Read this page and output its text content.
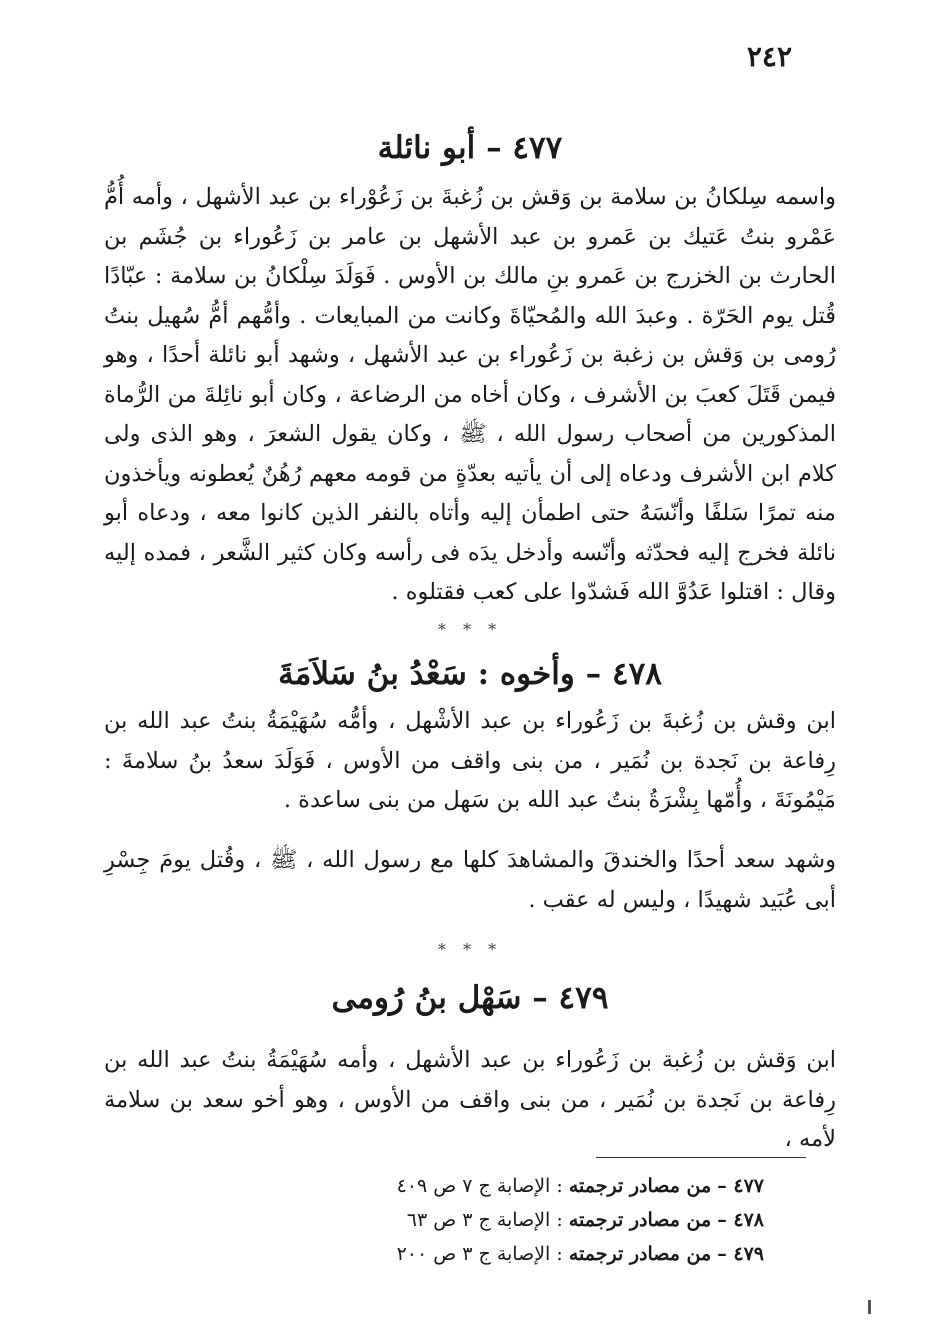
٢٤٢
٤٧٧ – أبو نائلة

واسمه سِلكانُ بن سلامة بن وَقش بن زُغبةَ بن زَعُوْراء بن عبد الأشهل ، وأمه أُمُّ عَمْرو بنتُ عَتيك بن عَمرو بن عبد الأشهل بن عامر بن زَعُوراء بن جُشَم بن الحارث بن الخزرج بن عَمرو بنِ مالك بن الأوس . فَوَلَدَ سِلْكانُ بن سلامة : عبّادًا قُتل يوم الحَرّة . وعبدَ الله والمُحيّاةَ وكانت من المبايعات . وأمُّهم أمُّ سُهيل بنتُ رُومى بن وَقش بن زغبة بن زَعُوراء بن عبد الأشهل ، وشهد أبو نائلة أحدًا ، وهو فيمن قَتَلَ كعبَ بن الأشرف ، وكان أخاه من الرضاعة ، وكان أبو نائِلةَ من الرُّماة المذكورين من أصحاب رسول الله ، ﷺ ، وكان يقول الشعرَ ، وهو الذى ولى كلام ابن الأشرف ودعاه إلى أن يأتيه بعدّةٍ من قومه معهم رُهُنٌ يُعطونه ويأخذون منه تمرًا سَلفًا وأنّسَهُ حتى اطمأن إليه وأتاه بالنفر الذين كانوا معه ، ودعاه أبو نائلة فخرج إليه فحدّثه وأنّسه وأدخل يدَه فى رأسه وكان كثير الشَّعر ، فمده إليه وقال : اقتلوا عَدُوَّ الله فَشدّوا على كعب فقتلوه .

* * *
٤٧٨ – وأخوه : سَعْدُ بنُ سَلاَمَةَ

ابن وقش بن زُغبةَ بن زَعُوراء بن عبد الأشْهل ، وأمُّه سُهَيْمَةُ بنتُ عبد الله بن رِفاعة بن نَجدة بن نُمَير ، من بنى واقف من الأوس ، فَوَلَدَ سعدُ بنُ سلامةَ : مَيْمُونَةَ ، وأُمّها بِشْرَةُ بنتُ عبد الله بن سَهل من بنى ساعدة .

وشهد سعد أحدًا والخندقَ والمشاهدَ كلها مع رسول الله ، ﷺ ، وقُتل يومَ جِسْرِ أبى عُبَيد شهيدًا ، وليس له عقب .

* * *
٤٧٩ – سَهْل بنُ رُومى

ابن وَقش بن زُغبة بن زَعُوراء بن عبد الأشهل ، وأمه سُهَيْمَةُ بنتُ عبد الله بن رِفاعة بن نَجدة بن نُمَير ، من بنى واقف من الأوس ، وهو أخو سعد بن سلامة لأمه ،

٤٧٧ – من مصادر ترجمته : الإصابة ج ٧ ص ٤٠٩
٤٧٨ – من مصادر ترجمته : الإصابة ج ٣ ص ٦٣
٤٧٩ – من مصادر ترجمته : الإصابة ج ٣ ص ٢٠٠
